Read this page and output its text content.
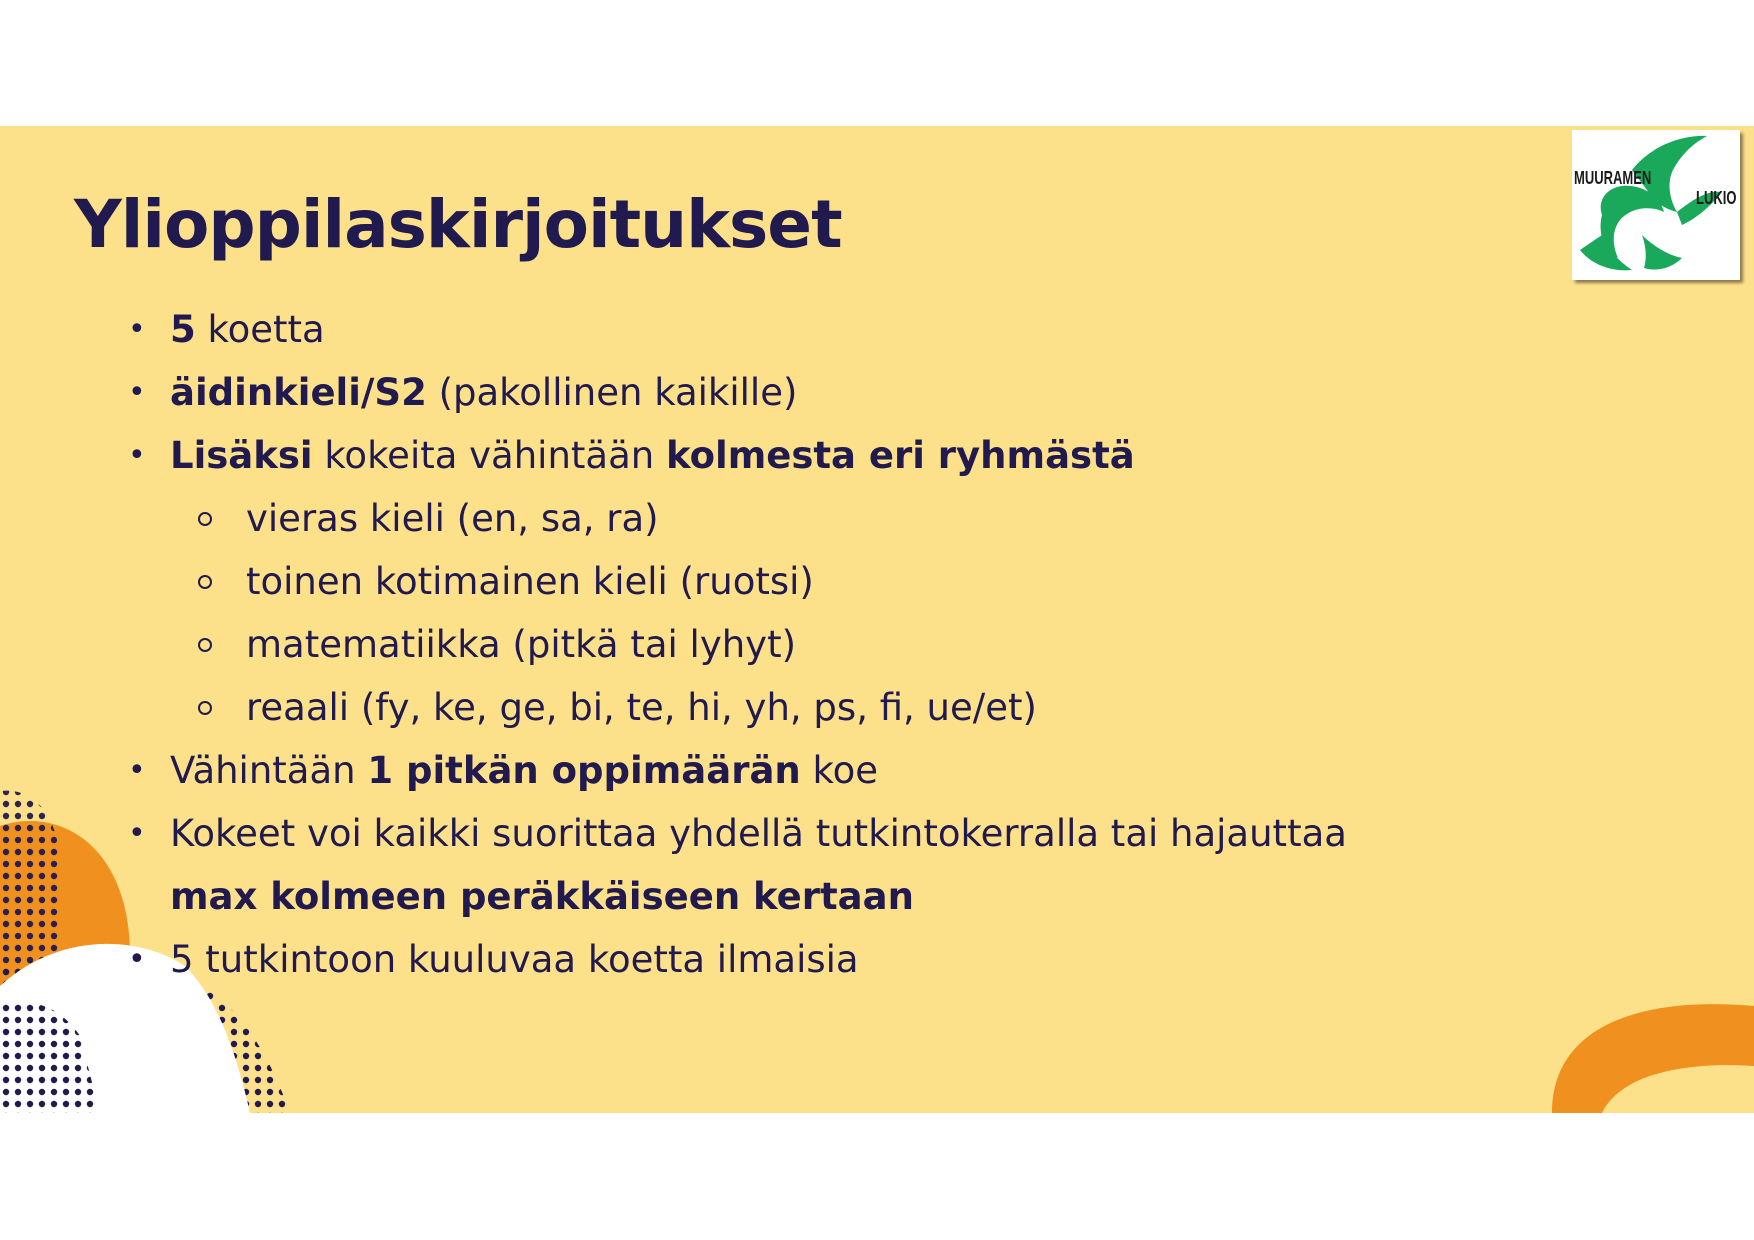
Ylioppilaskirjoitukset
MUURAMEN
LUKIO
• 5 koetta
• äidinkieli/S2 (pakollinen kaikille)
• Lisäksi kokeita vähintään kolmesta eri ryhmästä
vieras kieli (en, sa, ra)
toinen kotimainen kieli (ruotsi)
matematiikka (pitkä tai lyhyt)
reaali (fy, ke, ge, bi, te, hi, yh, ps, fi, ue/et)
• Vähintään 1 pitkän oppimäärän koe
• Kokeet voi kaikki suorittaa yhdellä tutkintokerralla tai hajauttaa
max kolmeen peräkkäiseen kertaan
• 5 tutkintoon kuuluvaa koetta ilmaisia
